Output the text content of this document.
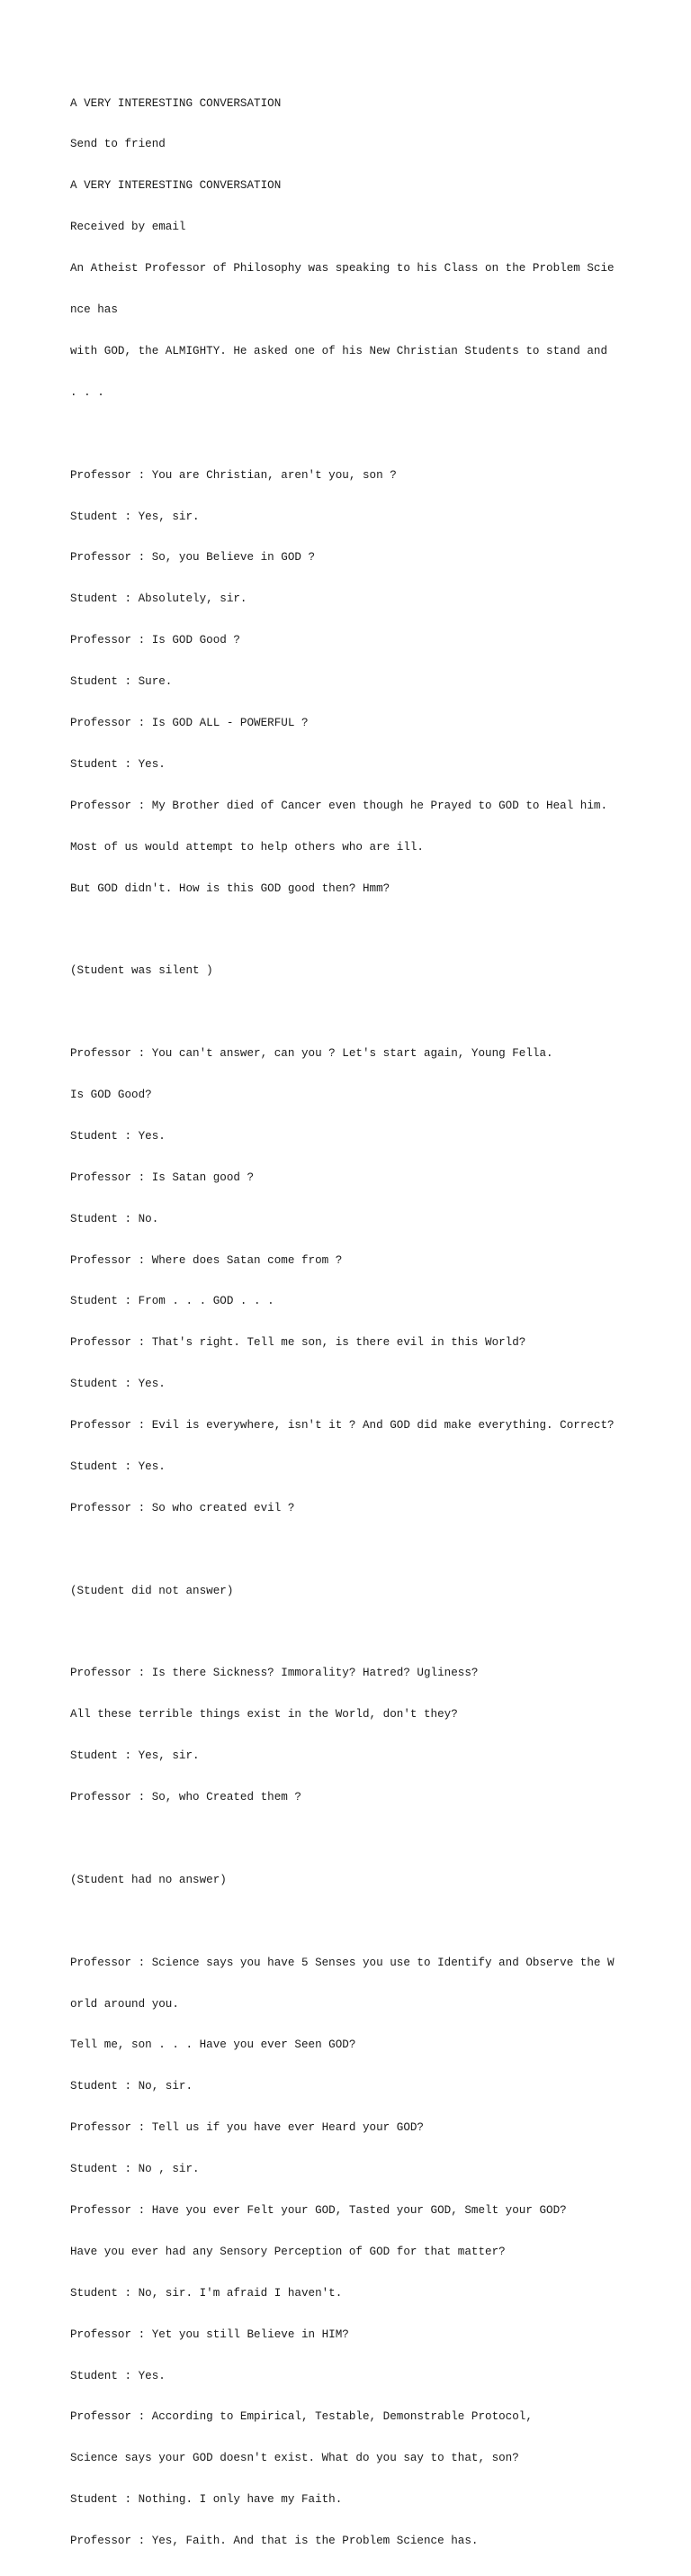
A VERY INTERESTING CONVERSATION

Send to friend

A VERY INTERESTING CONVERSATION

Received by email

An Atheist Professor of Philosophy was speaking to his Class on the Problem Scie

nce has

with GOD, the ALMIGHTY. He asked one of his New Christian Students to stand and

. . .

Professor : You are Christian, aren't you, son ?

Student : Yes, sir.

Professor : So, you Believe in GOD ?

Student : Absolutely, sir.

Professor : Is GOD Good ?

Student : Sure.

Professor : Is GOD ALL - POWERFUL ?

Student : Yes.

Professor : My Brother died of Cancer even though he Prayed to GOD to Heal him.

Most of us would attempt to help others who are ill.

But GOD didn't. How is this GOD good then? Hmm?

(Student was silent )

Professor : You can't answer, can you ? Let's start again, Young Fella.

Is GOD Good?

Student : Yes.

Professor : Is Satan good ?

Student : No.

Professor : Where does Satan come from ?

Student : From . . . GOD . . .

Professor : That's right. Tell me son, is there evil in this World?

Student : Yes.

Professor : Evil is everywhere, isn't it ? And GOD did make everything. Correct?

Student : Yes.

Professor : So who created evil ?

(Student did not answer)

Professor : Is there Sickness? Immorality? Hatred? Ugliness?

All these terrible things exist in the World, don't they?

Student : Yes, sir.

Professor : So, who Created them ?

(Student had no answer)

Professor : Science says you have 5 Senses you use to Identify and Observe the W

orld around you.

Tell me, son . . . Have you ever Seen GOD?

Student : No, sir.

Professor : Tell us if you have ever Heard your GOD?

Student : No , sir.

Professor : Have you ever Felt your GOD, Tasted your GOD, Smelt your GOD?

Have you ever had any Sensory Perception of GOD for that matter?

Student : No, sir. I'm afraid I haven't.

Professor : Yet you still Believe in HIM?

Student : Yes.

Professor : According to Empirical, Testable, Demonstrable Protocol,

Science says your GOD doesn't exist. What do you say to that, son?

Student : Nothing. I only have my Faith.

Professor : Yes, Faith. And that is the Problem Science has.
